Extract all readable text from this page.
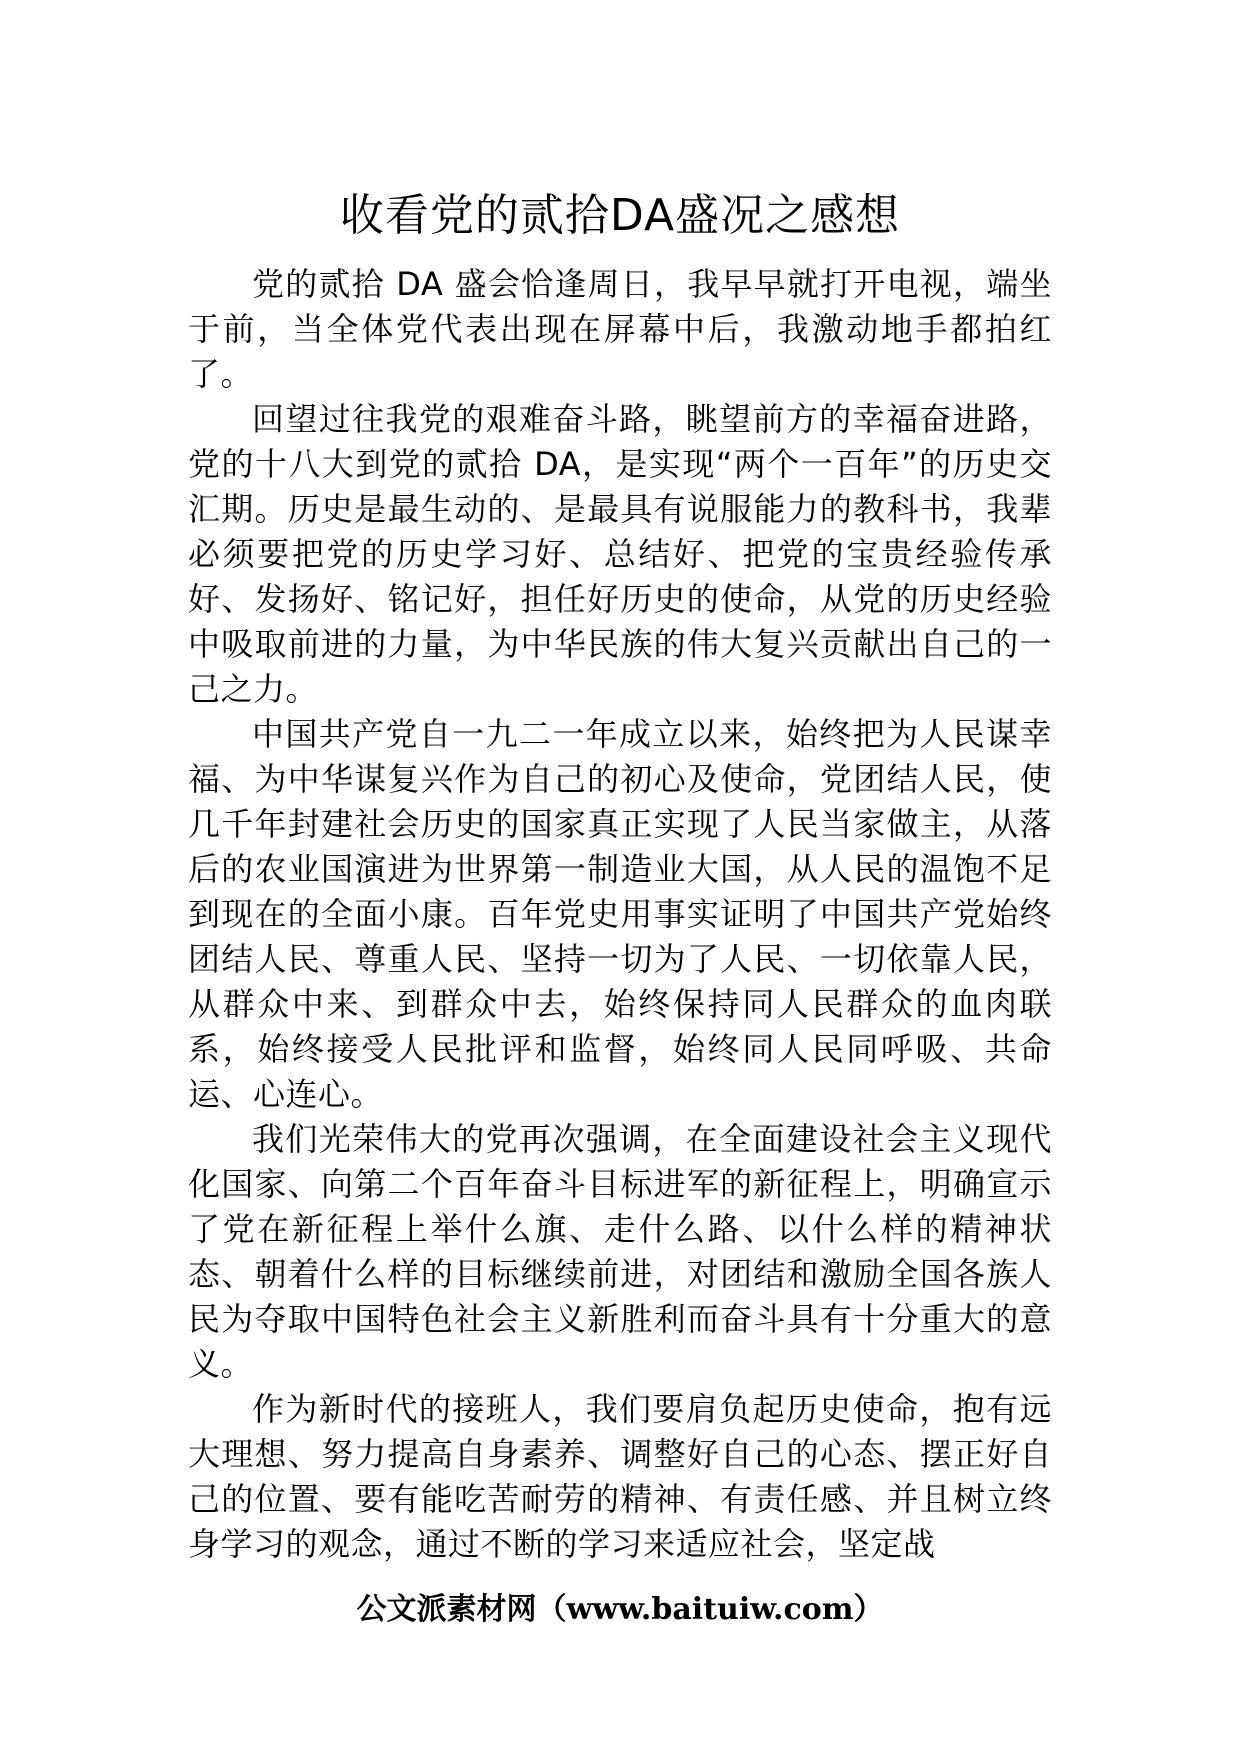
收看党的贰拾DA盛况之感想

党的贰拾 DA 盛会恰逢周日，我早早就打开电视，端坐于前，当全体党代表出现在屏幕中后，我激动地手都拍红了。

回望过往我党的艰难奋斗路，眺望前方的幸福奋进路，党的十八大到党的贰拾 DA，是实现“两个一百年”的历史交汇期。历史是最生动的、是最具有说服能力的教科书，我辈必须要把党的历史学习好、总结好、把党的宝贵经验传承好、发扬好、铭记好，担任好历史的使命，从党的历史经验中吸取前进的力量，为中华民族的伟大复兴贡献出自己的一己之力。

中国共产党自一九二一年成立以来，始终把为人民谋幸福、为中华谋复兴作为自己的初心及使命，党团结人民，使几千年封建社会历史的国家真正实现了人民当家做主，从落后的农业国演进为世界第一制造业大国，从人民的温饱不足到现在的全面小康。百年党史用事实证明了中国共产党始终团结人民、尊重人民、坚持一切为了人民、一切依靠人民，从群众中来、到群众中去，始终保持同人民群众的血肉联系，始终接受人民批评和监督，始终同人民同呼吸、共命运、心连心。

我们光荣伟大的党再次强调，在全面建设社会主义现代化国家、向第二个百年奋斗目标进军的新征程上，明确宣示了党在新征程上举什么旗、走什么路、以什么样的精神状态、朝着什么样的目标继续前进，对团结和激励全国各族人民为夺取中国特色社会主义新胜利而奋斗具有十分重大的意义。

作为新时代的接班人，我们要肩负起历史使命，抱有远大理想、努力提高自身素养、调整好自己的心态、摆正好自己的位置、要有能吃苦耐劳的精神、有责任感、并且树立终身学习的观念，通过不断的学习来适应社会，坚定战

公文派素材网（www.baituiw.com）
